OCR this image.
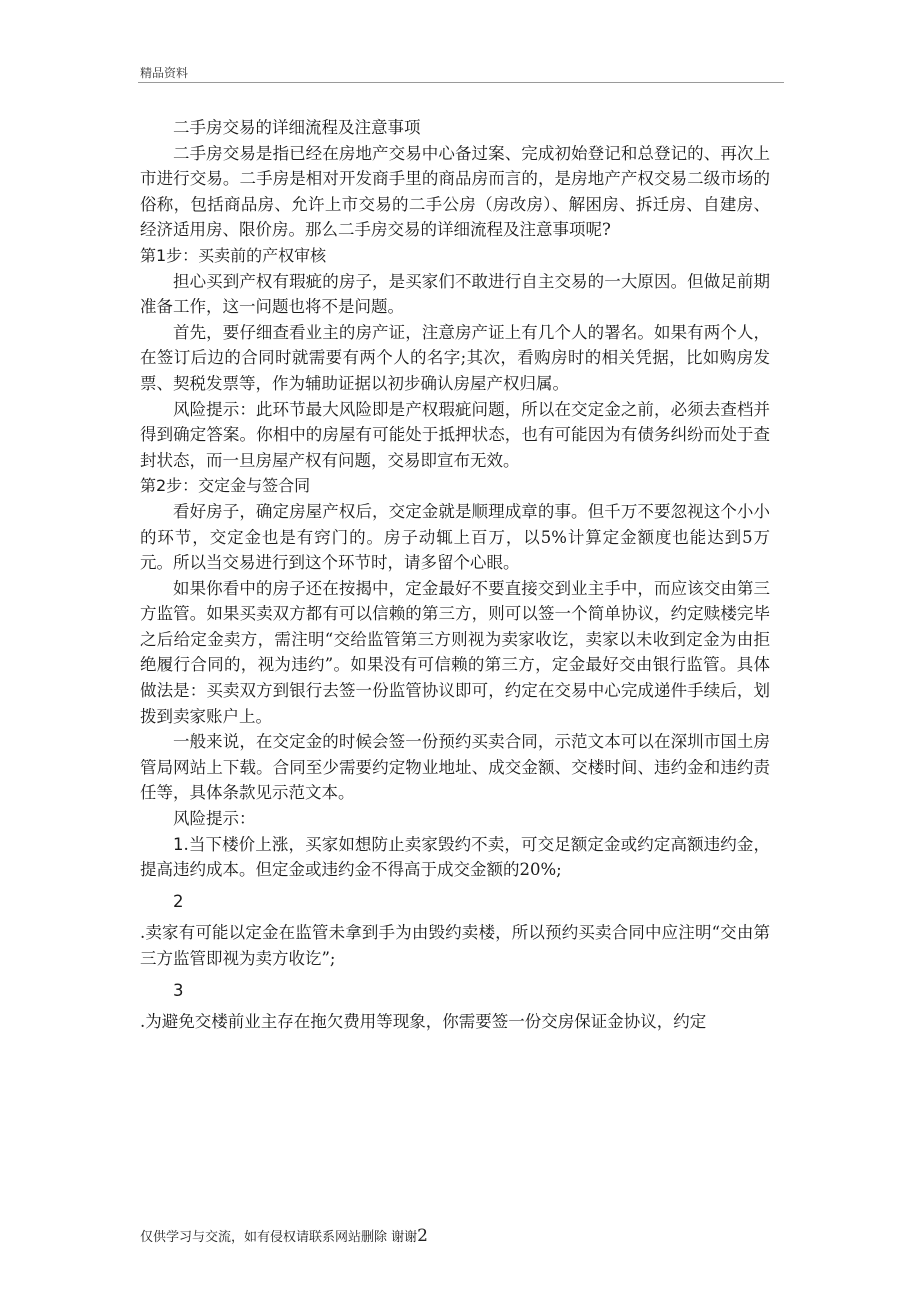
精品资料

二手房交易的详细流程及注意事项

二手房交易是指已经在房地产交易中心备过案、完成初始登记和总登记的、再次上市进行交易。二手房是相对开发商手里的商品房而言的，是房地产产权交易二级市场的俗称，包括商品房、允许上市交易的二手公房（房改房）、解困房、拆迁房、自建房、经济适用房、限价房。那么二手房交易的详细流程及注意事项呢?

第1步：买卖前的产权审核

担心买到产权有瑕疵的房子，是买家们不敢进行自主交易的一大原因。但做足前期准备工作，这一问题也将不是问题。

首先，要仔细查看业主的房产证，注意房产证上有几个人的署名。如果有两个人，在签订后边的合同时就需要有两个人的名字;其次，看购房时的相关凭据，比如购房发票、契税发票等，作为辅助证据以初步确认房屋产权归属。

风险提示：此环节最大风险即是产权瑕疵问题，所以在交定金之前，必须去查档并得到确定答案。你相中的房屋有可能处于抵押状态，也有可能因为有债务纠纷而处于查封状态，而一旦房屋产权有问题，交易即宣布无效。

第2步：交定金与签合同

看好房子，确定房屋产权后，交定金就是顺理成章的事。但千万不要忽视这个小小的环节，交定金也是有窍门的。房子动辄上百万，以5%计算定金额度也能达到5万元。所以当交易进行到这个环节时，请多留个心眼。

如果你看中的房子还在按揭中，定金最好不要直接交到业主手中，而应该交由第三方监管。如果买卖双方都有可以信赖的第三方，则可以签一个简单协议，约定赎楼完毕之后给定金卖方，需注明“交给监管第三方则视为卖家收讫，卖家以未收到定金为由拒绝履行合同的，视为违约”。如果没有可信赖的第三方，定金最好交由银行监管。具体做法是：买卖双方到银行去签一份监管协议即可，约定在交易中心完成递件手续后，划拨到卖家账户上。

一般来说，在交定金的时候会签一份预约买卖合同，示范文本可以在深圳市国土房管局网站上下载。合同至少需要约定物业地址、成交金额、交楼时间、违约金和违约责任等，具体条款见示范文本。

风险提示：

1.当下楼价上涨，买家如想防止卖家毁约不卖，可交足额定金或约定高额违约金，提高违约成本。但定金或违约金不得高于成交金额的20%;

2

.卖家有可能以定金在监管未拿到手为由毁约卖楼，所以预约买卖合同中应注明“交由第三方监管即视为卖方收讫”;

3

.为避免交楼前业主存在拖欠费用等现象，你需要签一份交房保证金协议，约定

仅供学习与交流，如有侵权请联系网站删除 谢谢2
